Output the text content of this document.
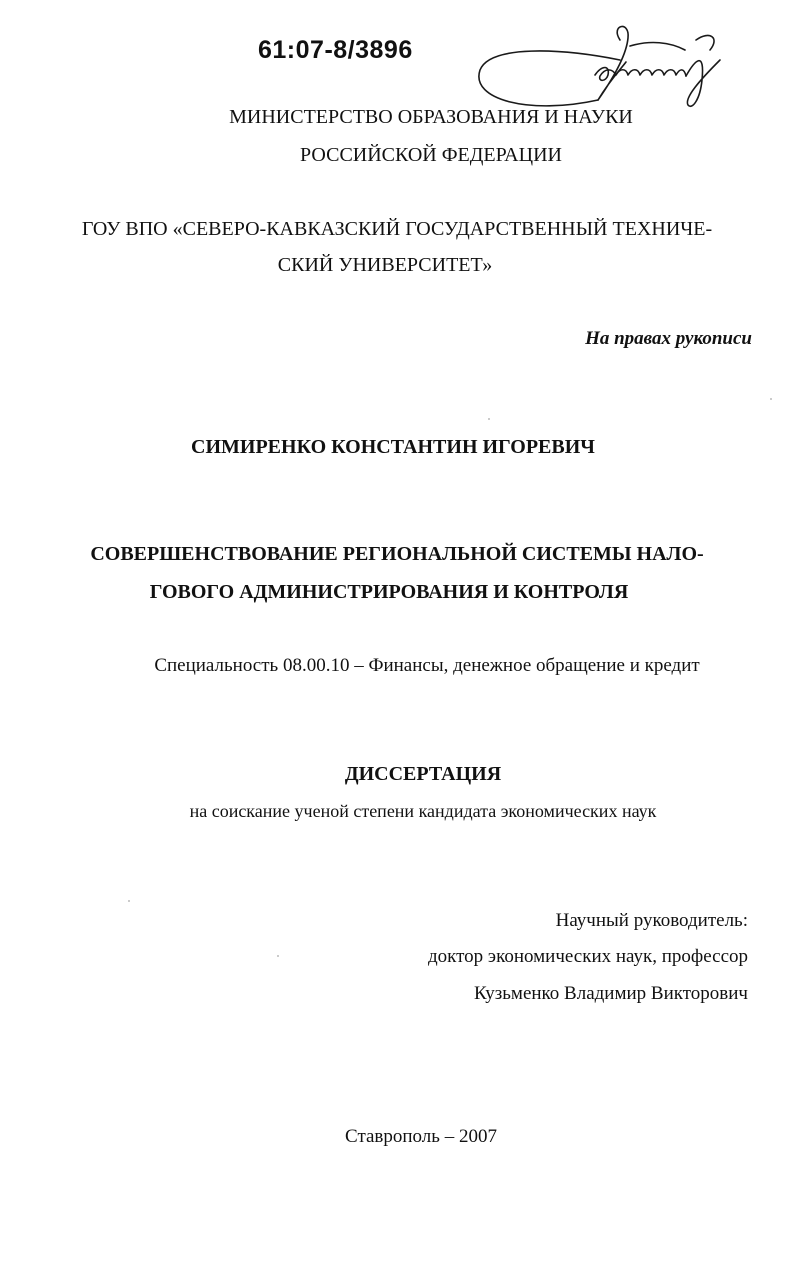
61:07-8/3896
МИНИСТЕРСТВО ОБРАЗОВАНИЯ И НАУКИ
РОССИЙСКОЙ ФЕДЕРАЦИИ
ГОУ ВПО «СЕВЕРО-КАВКАЗСКИЙ ГОСУДАРСТВЕННЫЙ ТЕХНИЧЕ-
СКИЙ УНИВЕРСИТЕТ»
На правах рукописи
СИМИРЕНКО КОНСТАНТИН ИГОРЕВИЧ
СОВЕРШЕНСТВОВАНИЕ РЕГИОНАЛЬНОЙ СИСТЕМЫ НАЛО-
ГОВОГО АДМИНИСТРИРОВАНИЯ И КОНТРОЛЯ
Специальность 08.00.10 – Финансы, денежное обращение и кредит
ДИССЕРТАЦИЯ
на соискание ученой степени кандидата экономических наук
Научный руководитель:
доктор экономических наук, профессор
Кузьменко Владимир Викторович
Ставрополь – 2007
